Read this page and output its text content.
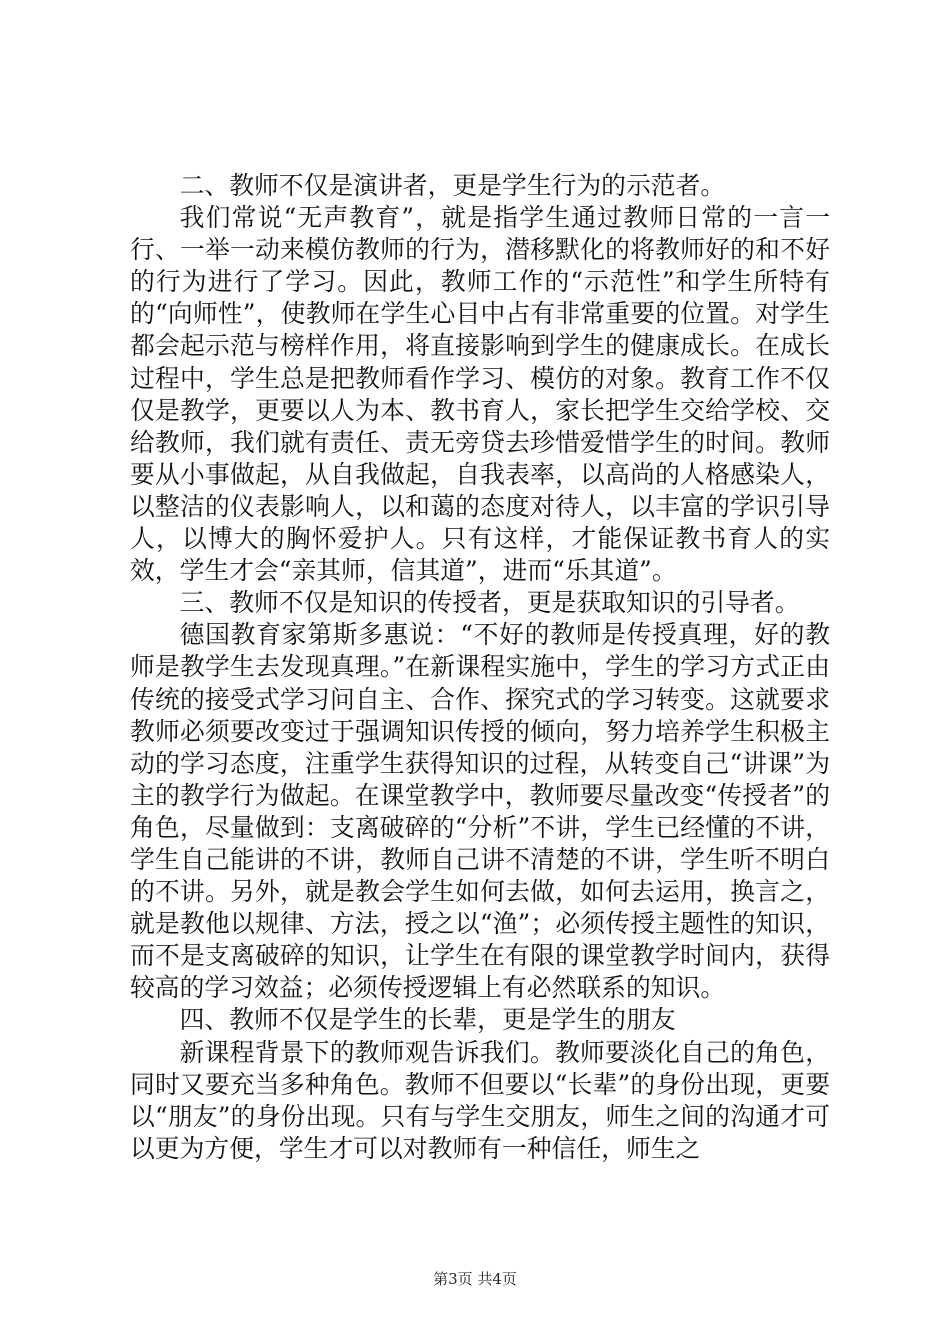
二、教师不仅是演讲者，更是学生行为的示范者。

我们常说“无声教育”，就是指学生通过教师日常的一言一行、一举一动来模仿教师的行为，潜移默化的将教师好的和不好的行为进行了学习。因此，教师工作的“示范性”和学生所特有的“向师性”，使教师在学生心目中占有非常重要的位置。对学生都会起示范与榜样作用，将直接影响到学生的健康成长。在成长过程中，学生总是把教师看作学习、模仿的对象。教育工作不仅仅是教学，更要以人为本、教书育人，家长把学生交给学校、交给教师，我们就有责任、责无旁贷去珍惜爱惜学生的时间。教师要从小事做起，从自我做起，自我表率，以高尚的人格感染人，以整洁的仪表影响人，以和蔼的态度对待人，以丰富的学识引导人，以博大的胸怀爱护人。只有这样，才能保证教书育人的实效，学生才会“亲其师，信其道”，进而“乐其道”。

三、教师不仅是知识的传授者，更是获取知识的引导者。

德国教育家第斯多惠说：“不好的教师是传授真理，好的教师是教学生去发现真理。”在新课程实施中，学生的学习方式正由传统的接受式学习问自主、合作、探究式的学习转变。这就要求教师必须要改变过于强调知识传授的倾向，努力培养学生积极主动的学习态度，注重学生获得知识的过程，从转变自己“讲课”为主的教学行为做起。在课堂教学中，教师要尽量改变“传授者”的角色，尽量做到：支离破碎的“分析”不讲，学生已经懂的不讲，学生自己能讲的不讲，教师自己讲不清楚的不讲，学生听不明白的不讲。另外，就是教会学生如何去做，如何去运用，换言之，就是教他以规律、方法，授之以“渔”；必须传授主题性的知识，而不是支离破碎的知识，让学生在有限的课堂教学时间内，获得较高的学习效益；必须传授逻辑上有必然联系的知识。

四、教师不仅是学生的长辈，更是学生的朋友

新课程背景下的教师观告诉我们。教师要淡化自己的角色，同时又要充当多种角色。教师不但要以“长辈”的身份出现，更要以“朋友”的身份出现。只有与学生交朋友，师生之间的沟通才可以更为方便，学生才可以对教师有一种信任，师生之

第3页 共4页
